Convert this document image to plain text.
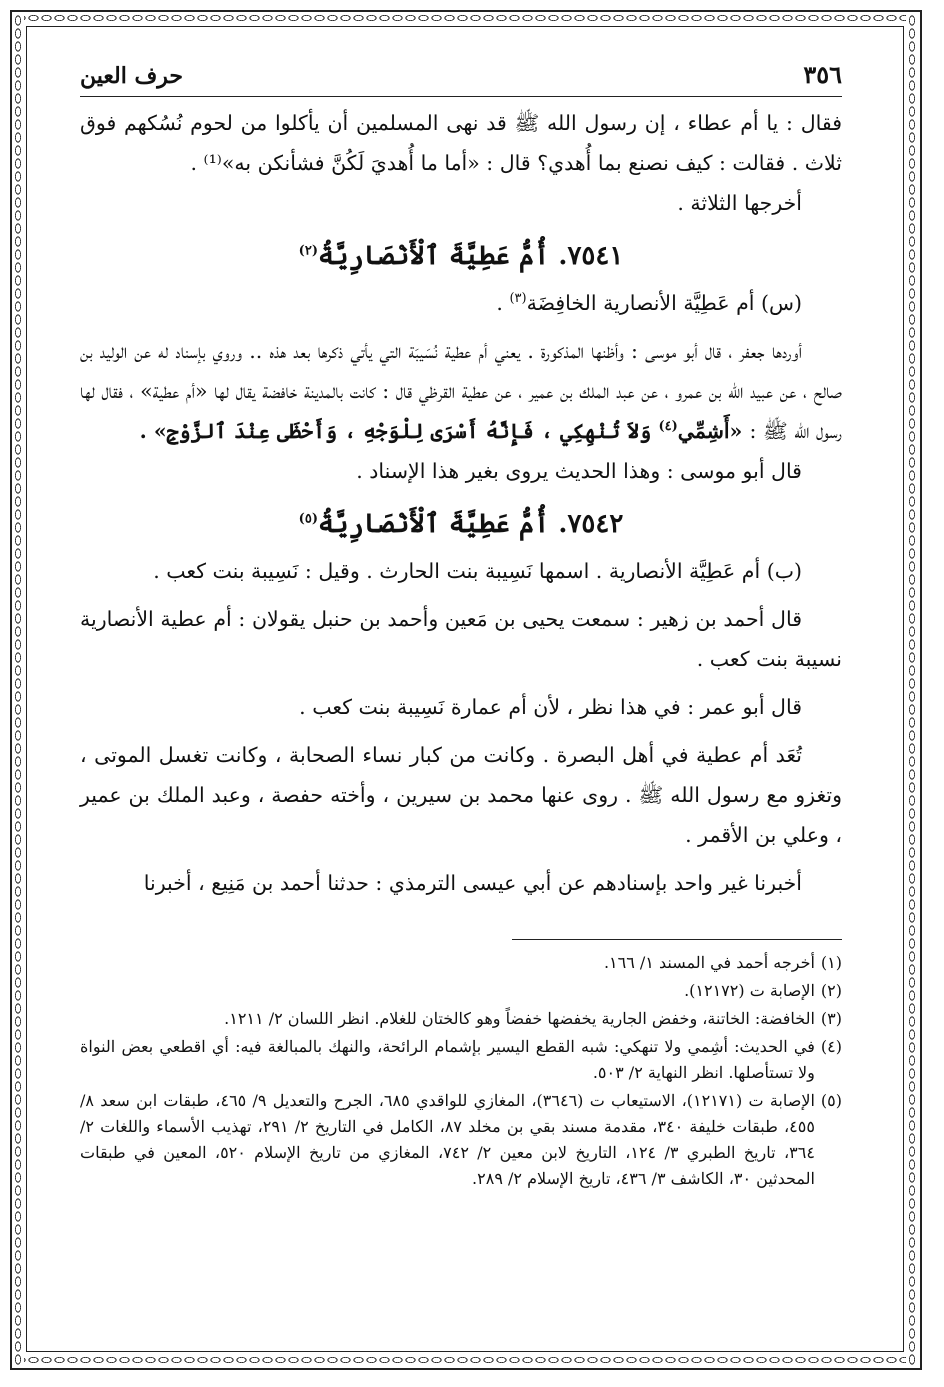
٣٥٦
حرف العين

فقال : يا أم عطاء ، إن رسول الله ﷺ قد نهى المسلمين أن يأكلوا من لحوم نُسُكهم فوق ثلاث . فقالت : كيف نصنع بما أُهدي؟ قال : «أما ما أُهديَ لَكُنَّ فشأنكن به»⁽¹⁾ .

أخرجها الثلاثة .

٧٥٤١. أُمُّ عَطِيَّةَ ٱلْأَنْصَارِيَّةُ$^{(٢)}$

(س) أم عَطِيَّة الأنصارية الخافِضَة$^{(٣)}$ .

أوردها جعفر ، قال أبو موسى : وأظنها المذكورة . يعني أم عطية نُسَيبَة التي يأتي ذكرها بعد هذه .. وروي بإسناد له عن الوليد بن صالح ، عن عبيد الله بن عمرو ، عن عبد الملك بن عمير ، عن عطية القرظي قال : كانت بالمدينة خافضة يقال لها «أم عطية» ، فقال لها رسول الله ﷺ : «أَشِمِّي$^{(٤)}$ وَلاَ تُنْهِكِي ، فَإِنَّهُ أَسْرَى لِلْوَجْهِ ، وَأَحْظَى عِنْدَ ٱلزَّوْجِ» .

قال أبو موسى : وهذا الحديث يروى بغير هذا الإسناد .

٧٥٤٢. أُمُّ عَطِيَّةَ ٱلْأَنْصَارِيَّةُ$^{(٥)}$

(ب) أم عَطِيَّة الأنصارية . اسمها نَسِيبة بنت الحارث . وقيل : نَسِيبة بنت كعب .

قال أحمد بن زهير : سمعت يحيى بن مَعين وأحمد بن حنبل يقولان : أم عطية الأنصارية نسيبة بنت كعب .

قال أبو عمر : في هذا نظر ، لأن أم عمارة نَسِيبة بنت كعب .

تُعَد أم عطية في أهل البصرة . وكانت من كبار نساء الصحابة ، وكانت تغسل الموتى ، وتغزو مع رسول الله ﷺ . روى عنها محمد بن سيرين ، وأخته حفصة ، وعبد الملك بن عمير ، وعلي بن الأقمر .

أخبرنا غير واحد بإسنادهم عن أبي عيسى الترمذي : حدثنا أحمد بن مَنِيع ، أخبرنا

(١)
أخرجه أحمد في المسند ١/ ١٦٦.
(٢)
الإصابة ت (١٢١٧٢).
(٣)
الخافضة: الخاتنة، وخفض الجارية يخفضها خفضاً وهو كالختان للغلام. انظر اللسان ٢/ ١٢١١.
(٤)
في الحديث: أشِمي ولا تنهكي: شبه القطع اليسير بإشمام الرائحة، والنهك بالمبالغة فيه: أي اقطعي بعض النواة ولا تستأصلها. انظر النهاية ٢/ ٥٠٣.
(٥)
الإصابة ت (١٢١٧١)، الاستيعاب ت (٣٦٤٦)، المغازي للواقدي ٦٨٥، الجرح والتعديل ٩/ ٤٦٥، طبقات ابن سعد ٨/ ٤٥٥، طبقات خليفة ٣٤٠، مقدمة مسند بقي بن مخلد ٨٧، الكامل في التاريخ ٢/ ٢٩١، تهذيب الأسماء واللغات ٢/ ٣٦٤، تاريخ الطبري ٣/ ١٢٤، التاريخ لابن معين ٢/ ٧٤٢، المغازي من تاريخ الإسلام ٥٢٠، المعين في طبقات المحدثين ٣٠، الكاشف ٣/ ٤٣٦، تاريخ الإسلام ٢/ ٢٨٩.
